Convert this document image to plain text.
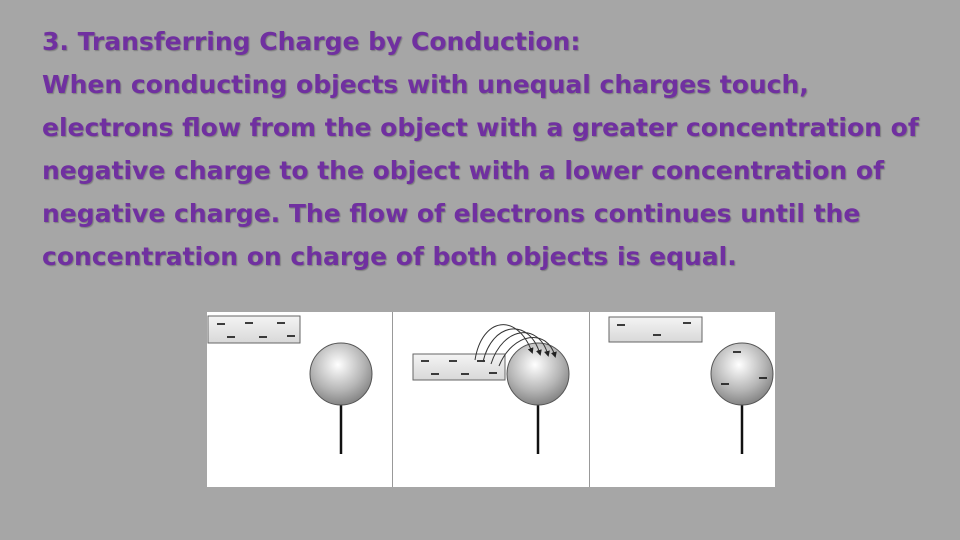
3. Transferring Charge by Conduction:

When conducting objects with unequal charges touch, electrons flow from the object with a greater concentration of negative charge to the object with a lower concentration of negative charge. The flow of electrons continues until the concentration on charge of both objects is equal.
